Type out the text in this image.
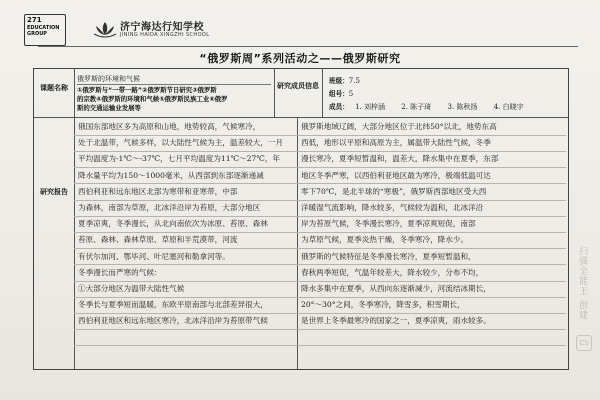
271
EDUCATION GROUP
济宁海达行知学校
JINING HAIDA XINGZHI SCHOOL
“俄罗斯周”系列活动之——俄罗斯研究
课题名称
俄罗斯的环境和气候
①俄罗斯与“一带一路”②俄罗斯节日研究③俄罗斯
的宗教④俄罗斯的环境和气候⑤俄罗斯民族工业⑥俄罗
斯的交通运输业发展等
研究成员信息
班级：7.5
组号：5
成员： 1. 刘梓涵 2. 陈子琦 3. 陈秋扬 4. 白晓宇
研究报告

俄国东部地区多为高原和山地，地势较高，气候寒冷，

处于北温带，气候多样，以大陆性气候为主，温差较大，一月

平均温度为-1℃～-37℃，七月平均温度为11℃～27℃，年

降水量平均为150～1000毫米，从西部到东部逐渐递减

西伯利亚和远东地区北部为寒带和亚寒带，中部

为森林，南部为草原，北冰洋沿岸为苔原，大部分地区

夏季凉爽，冬季漫长，从北向南依次为冰原、苔原、森林

苔原、森林、森林草原、草原和半荒漠带，河流

有伏尔加河、鄂毕河、叶尼塞河和勒拿河等。

冬季漫长而严寒的气候：

①大部分地区为温带大陆性气候

冬季长与夏季短而温暖，东欧平原南部与北部差异很大，

西伯利亚地区和远东地区寒冷，北冰洋沿岸为苔原带气候

俄罗斯地域辽阔，大部分地区位于北纬50°以北，地势东高

西低，地形以平原和高原为主，属温带大陆性气候，冬季

漫长寒冷，夏季短暂温和，温差大，降水集中在夏季，东部

地区冬季严寒，以西伯利亚地区最为寒冷，极端低温可达

零下70℃，是北半球的“寒极”，俄罗斯西部地区受大西

洋暖湿气流影响，降水较多，气候较为温和，北冰洋沿

岸为苔原气候，冬季漫长寒冷，夏季凉爽短促，南部

为草原气候，夏季炎热干燥，冬季寒冷，降水少。

俄罗斯的气候特征是冬季漫长寒冷，夏季短暂温和，

春秋两季短促，气温年较差大，降水较少，分布不均，

降水多集中在夏季，从西向东逐渐减少，河流结冰期长，

20°～30°之间，冬季寒冷，降雪多，积雪期长，

是世界上冬季最寒冷的国家之一，夏季凉爽，雨水较多。

扫描全能王 创建
CS
